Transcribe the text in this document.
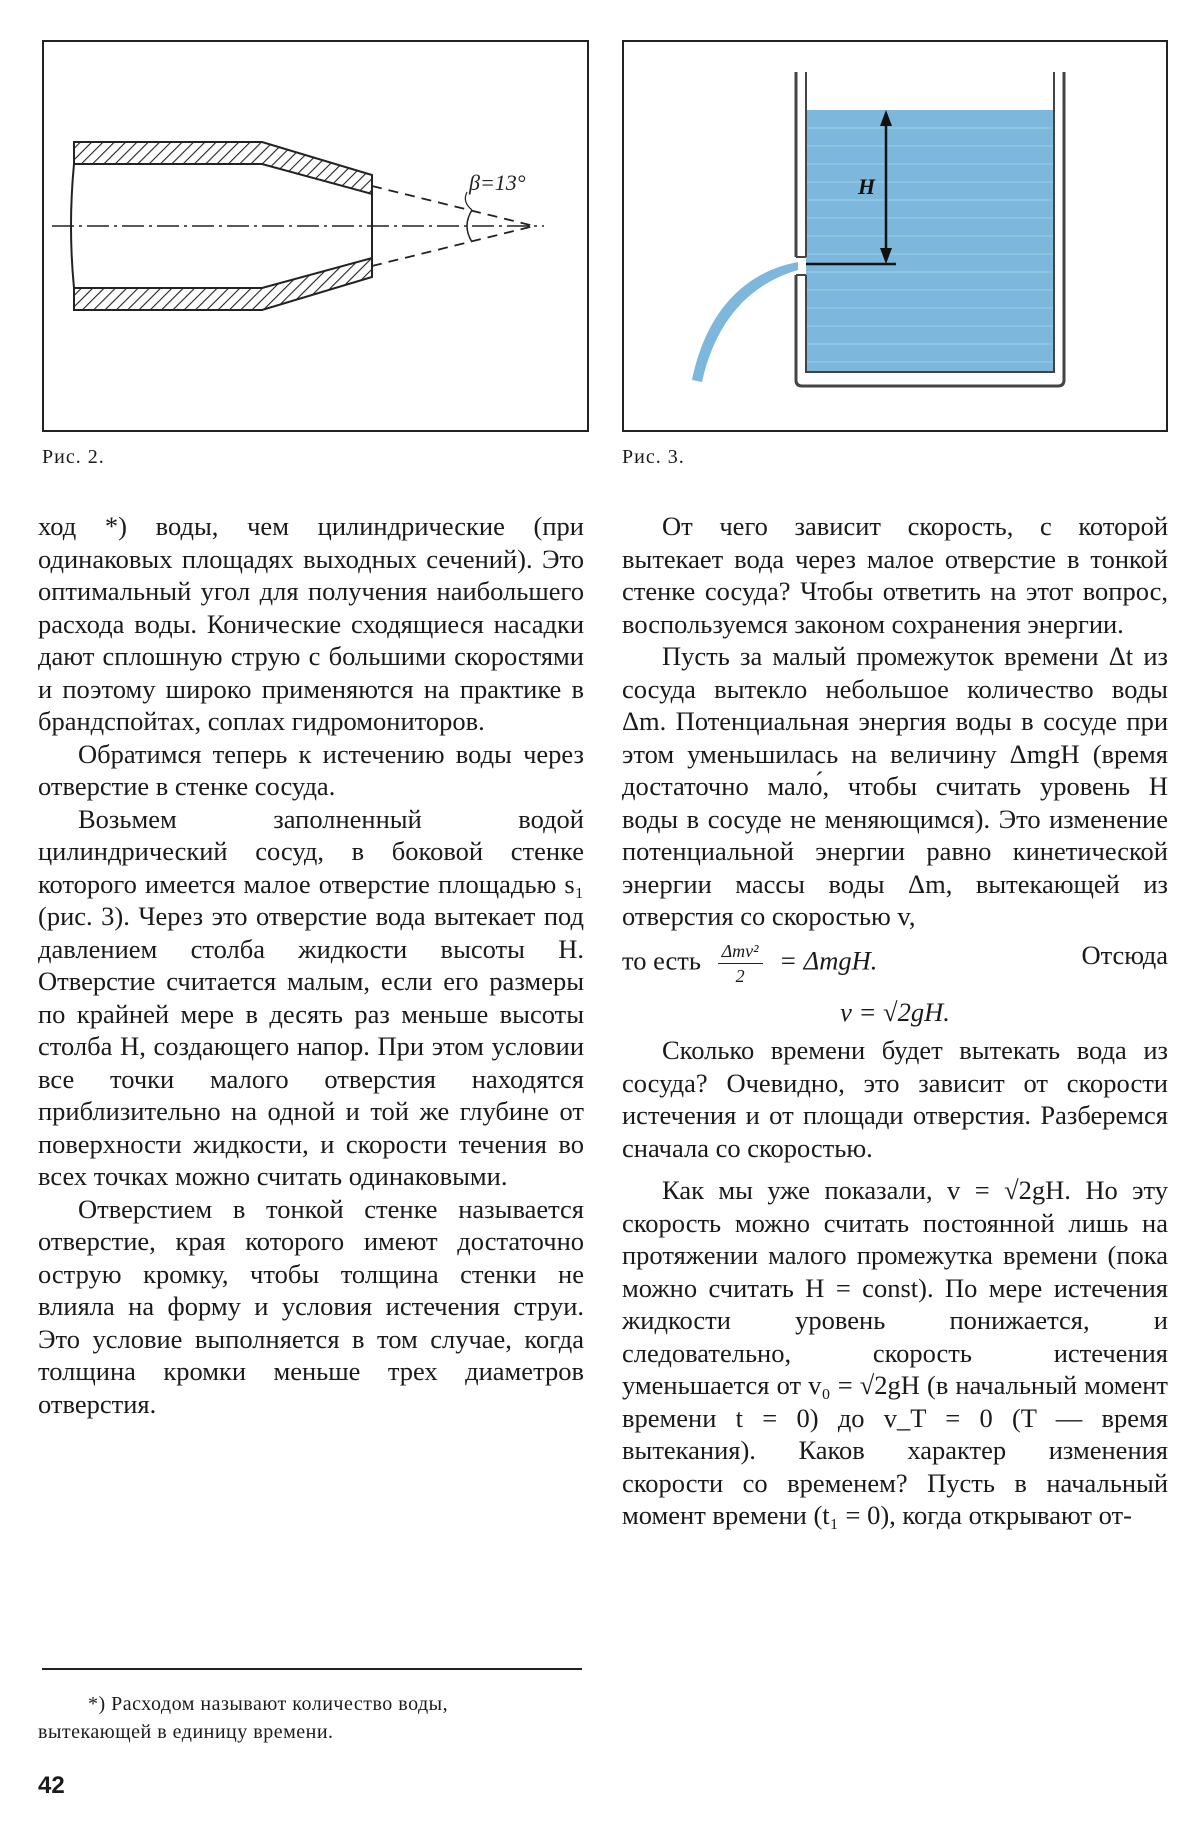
β=13°
Рис. 2.
H
Рис. 3.

ход *) воды, чем цилиндрические (при одинаковых площадях выходных сечений). Это оптимальный угол для получения наибольшего расхода воды. Конические сходящиеся насадки дают сплошную струю с большими скоростями и поэтому широко применяются на практике в брандспойтах, соплах гидромониторов.

Обратимся теперь к истечению воды через отверстие в стенке сосуда.

Возьмем заполненный водой цилиндрический сосуд, в боковой стенке которого имеется малое отверстие площадью s₁ (рис. 3). Через это отверстие вода вытекает под давлением столба жидкости высоты H. Отверстие считается малым, если его размеры по крайней мере в десять раз меньше высоты столба H, создающего напор. При этом условии все точки малого отверстия находятся приблизительно на одной и той же глубине от поверхности жидкости, и скорости течения во всех точках можно считать одинаковыми.

Отверстием в тонкой стенке называется отверстие, края которого имеют достаточно острую кромку, чтобы толщина стенки не влияла на форму и условия истечения струи. Это условие выполняется в том случае, когда толщина кромки меньше трех диаметров отверстия.

*) Расходом называют количество воды,
вытекающей в единицу времени.

От чего зависит скорость, с которой вытекает вода через малое отверстие в тонкой стенке сосуда? Чтобы ответить на этот вопрос, воспользуемся законом сохранения энергии.

Пусть за малый промежуток времени Δt из сосуда вытекло небольшое количество воды Δm. Потенциальная энергия воды в сосуде при этом уменьшилась на величину ΔmgH (время достаточно мало́, чтобы считать уровень H воды в сосуде не меняющимся). Это изменение потенциальной энергии равно кинетической энергии массы воды Δm, вытекающей из отверстия со скоростью v,

то есть $\frac{\text{Δmv²}}{2} = \Delta mgH$.	Отсюда

v = √2gH.

Сколько времени будет вытекать вода из сосуда? Очевидно, это зависит от скорости истечения и от площади отверстия. Разберемся сначала со скоростью.

Как мы уже показали, v = √2gH. Но эту скорость можно считать постоянной лишь на протяжении малого промежутка времени (пока можно считать H = const). По мере истечения жидкости уровень понижается, и следовательно, скорость истечения уменьшается от v₀ = √2gH (в начальный момент времени t = 0) до v_T = 0 (T — время вытекания). Каков характер изменения скорости со временем? Пусть в начальный момент времени (t₁ = 0), когда открывают от-

42
